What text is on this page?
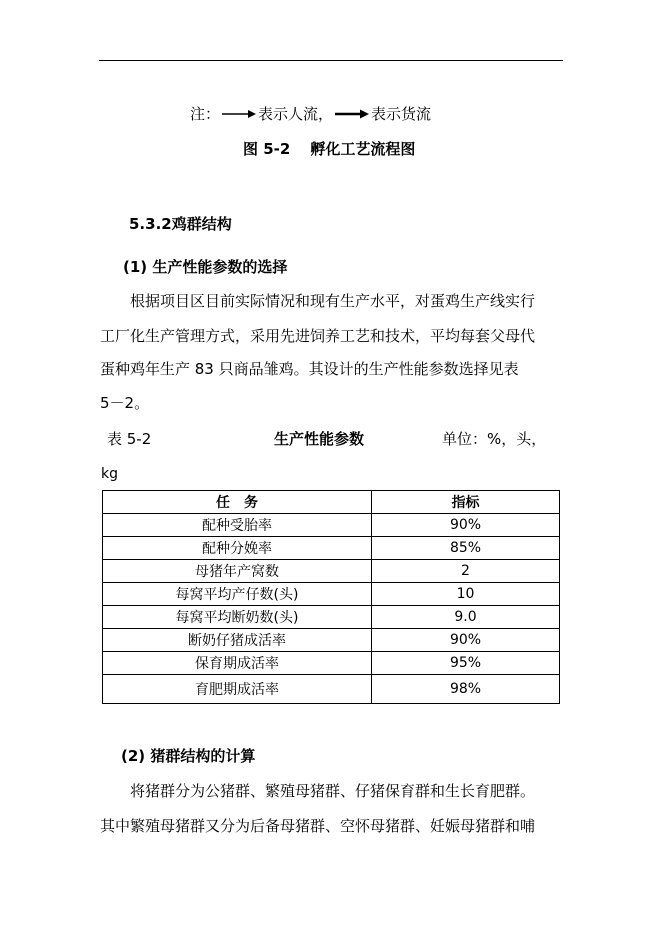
注：	表示人流，	表示货流
图 5-2 孵化工艺流程图
5.3.2鸡群结构
(1) 生产性能参数的选择
根据项目区目前实际情况和现有生产水平，对蛋鸡生产线实行
工厂化生产管理方式，采用先进饲养工艺和技术，平均每套父母代
蛋种鸡年生产 83 只商品雏鸡。其设计的生产性能参数选择见表
5－2。
表 5-2	生产性能参数	单位：%，头，
kg
任　务	指标
配种受胎率	90%
配种分娩率	85%
母猪年产窝数	2
每窝平均产仔数(头)	10
每窝平均断奶数(头)	9.0
断奶仔猪成活率	90%
保育期成活率	95%
育肥期成活率	98%
(2) 猪群结构的计算
将猪群分为公猪群、繁殖母猪群、仔猪保育群和生长育肥群。
其中繁殖母猪群又分为后备母猪群、空怀母猪群、妊娠母猪群和哺
